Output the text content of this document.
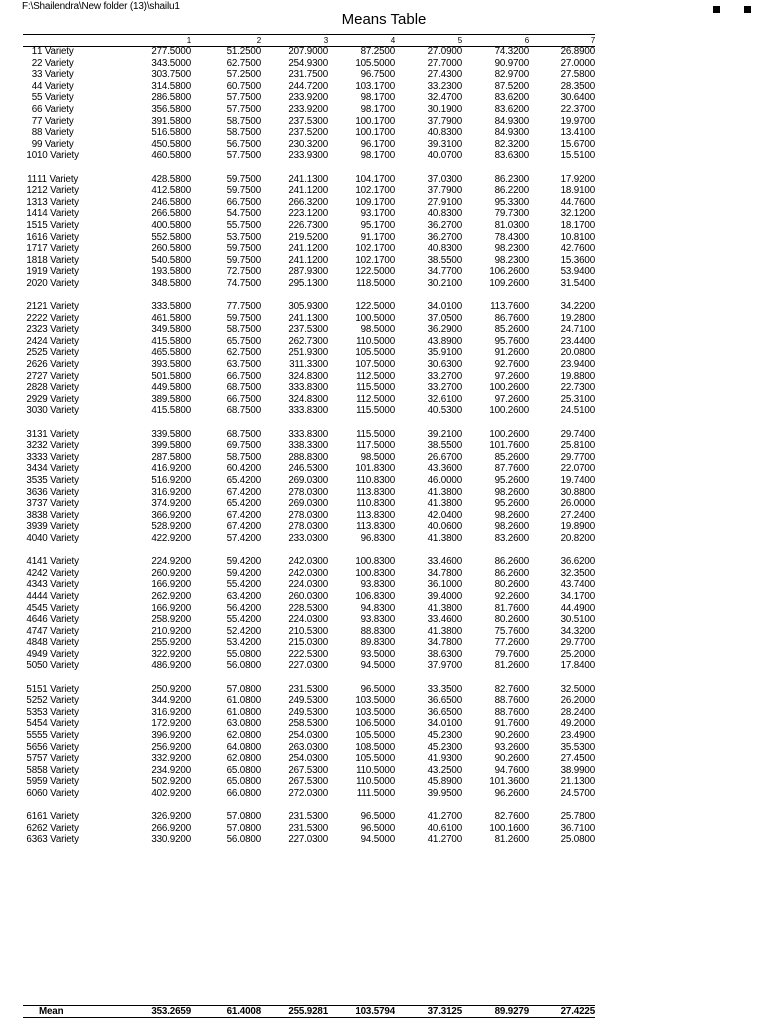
F:\Shailendra\New folder (13)\shailu1
Means Table
		1	2	3	4	5	6	7
1	1 Variety	277.5000	51.2500	207.9000	87.2500	27.0900	74.3200	26.8900
2	2 Variety	343.5000	62.7500	254.9300	105.5000	27.7000	90.9700	27.0000
3	3 Variety	303.7500	57.2500	231.7500	96.7500	27.4300	82.9700	27.5800
4	4 Variety	314.5800	60.7500	244.7200	103.1700	33.2300	87.5200	28.3500
5	5 Variety	286.5800	57.7500	233.9200	98.1700	32.4700	83.6200	30.6400
6	6 Variety	356.5800	57.7500	233.9200	98.1700	30.1900	83.6200	22.3700
7	7 Variety	391.5800	58.7500	237.5300	100.1700	37.7900	84.9300	19.9700
8	8 Variety	516.5800	58.7500	237.5200	100.1700	40.8300	84.9300	13.4100
9	9 Variety	450.5800	56.7500	230.3200	96.1700	39.3100	82.3200	15.6700
10	10 Variety	460.5800	57.7500	233.9300	98.1700	40.0700	83.6300	15.5100

11	11 Variety	428.5800	59.7500	241.1300	104.1700	37.0300	86.2300	17.9200
12	12 Variety	412.5800	59.7500	241.1200	102.1700	37.7900	86.2200	18.9100
13	13 Variety	246.5800	66.7500	266.3200	109.1700	27.9100	95.3300	44.7600
14	14 Variety	266.5800	54.7500	223.1200	93.1700	40.8300	79.7300	32.1200
15	15 Variety	400.5800	55.7500	226.7300	95.1700	36.2700	81.0300	18.1700
16	16 Variety	552.5800	53.7500	219.5200	91.1700	36.2700	78.4300	10.8100
17	17 Variety	260.5800	59.7500	241.1200	102.1700	40.8300	98.2300	42.7600
18	18 Variety	540.5800	59.7500	241.1200	102.1700	38.5500	98.2300	15.3600
19	19 Variety	193.5800	72.7500	287.9300	122.5000	34.7700	106.2600	53.9400
20	20 Variety	348.5800	74.7500	295.1300	118.5000	30.2100	109.2600	31.5400

21	21 Variety	333.5800	77.7500	305.9300	122.5000	34.0100	113.7600	34.2200
22	22 Variety	461.5800	59.7500	241.1300	100.5000	37.0500	86.7600	19.2800
23	23 Variety	349.5800	58.7500	237.5300	98.5000	36.2900	85.2600	24.7100
24	24 Variety	415.5800	65.7500	262.7300	110.5000	43.8900	95.7600	23.4400
25	25 Variety	465.5800	62.7500	251.9300	105.5000	35.9100	91.2600	20.0800
26	26 Variety	393.5800	63.7500	311.3300	107.5000	30.6300	92.7600	23.9400
27	27 Variety	501.5800	66.7500	324.8300	112.5000	33.2700	97.2600	19.8800
28	28 Variety	449.5800	68.7500	333.8300	115.5000	33.2700	100.2600	22.7300
29	29 Variety	389.5800	66.7500	324.8300	112.5000	32.6100	97.2600	25.3100
30	30 Variety	415.5800	68.7500	333.8300	115.5000	40.5300	100.2600	24.5100

31	31 Variety	339.5800	68.7500	333.8300	115.5000	39.2100	100.2600	29.7400
32	32 Variety	399.5800	69.7500	338.3300	117.5000	38.5500	101.7600	25.8100
33	33 Variety	287.5800	58.7500	288.8300	98.5000	26.6700	85.2600	29.7700
34	34 Variety	416.9200	60.4200	246.5300	101.8300	43.3600	87.7600	22.0700
35	35 Variety	516.9200	65.4200	269.0300	110.8300	46.0000	95.2600	19.7400
36	36 Variety	316.9200	67.4200	278.0300	113.8300	41.3800	98.2600	30.8800
37	37 Variety	374.9200	65.4200	269.0300	110.8300	41.3800	95.2600	26.0000
38	38 Variety	366.9200	67.4200	278.0300	113.8300	42.0400	98.2600	27.2400
39	39 Variety	528.9200	67.4200	278.0300	113.8300	40.0600	98.2600	19.8900
40	40 Variety	422.9200	57.4200	233.0300	96.8300	41.3800	83.2600	20.8200

41	41 Variety	224.9200	59.4200	242.0300	100.8300	33.4600	86.2600	36.6200
42	42 Variety	260.9200	59.4200	242.0300	100.8300	34.7800	86.2600	32.3500
43	43 Variety	166.9200	55.4200	224.0300	93.8300	36.1000	80.2600	43.7400
44	44 Variety	262.9200	63.4200	260.0300	106.8300	39.4000	92.2600	34.1700
45	45 Variety	166.9200	56.4200	228.5300	94.8300	41.3800	81.7600	44.4900
46	46 Variety	258.9200	55.4200	224.0300	93.8300	33.4600	80.2600	30.5100
47	47 Variety	210.9200	52.4200	210.5300	88.8300	41.3800	75.7600	34.3200
48	48 Variety	255.9200	53.4200	215.0300	89.8300	34.7800	77.2600	29.7700
49	49 Variety	322.9200	55.0800	222.5300	93.5000	38.6300	79.7600	25.2000
50	50 Variety	486.9200	56.0800	227.0300	94.5000	37.9700	81.2600	17.8400

51	51 Variety	250.9200	57.0800	231.5300	96.5000	33.3500	82.7600	32.5000
52	52 Variety	344.9200	61.0800	249.5300	103.5000	36.6500	88.7600	26.2000
53	53 Variety	316.9200	61.0800	249.5300	103.5000	36.6500	88.7600	28.2400
54	54 Variety	172.9200	63.0800	258.5300	106.5000	34.0100	91.7600	49.2000
55	55 Variety	396.9200	62.0800	254.0300	105.5000	45.2300	90.2600	23.4900
56	56 Variety	256.9200	64.0800	263.0300	108.5000	45.2300	93.2600	35.5300
57	57 Variety	332.9200	62.0800	254.0300	105.5000	41.9300	90.2600	27.4500
58	58 Variety	234.9200	65.0800	267.5300	110.5000	43.2500	94.7600	38.9900
59	59 Variety	502.9200	65.0800	267.5300	110.5000	45.8900	101.3600	21.1300
60	60 Variety	402.9200	66.0800	272.0300	111.5000	39.9500	96.2600	24.5700

61	61 Variety	326.9200	57.0800	231.5300	96.5000	41.2700	82.7600	25.7800
62	62 Variety	266.9200	57.0800	231.5300	96.5000	40.6100	100.1600	36.7100
63	63 Variety	330.9200	56.0800	227.0300	94.5000	41.2700	81.2600	25.0800
Mean	353.2659	61.4008	255.9281	103.5794	37.3125	89.9279	27.4225
